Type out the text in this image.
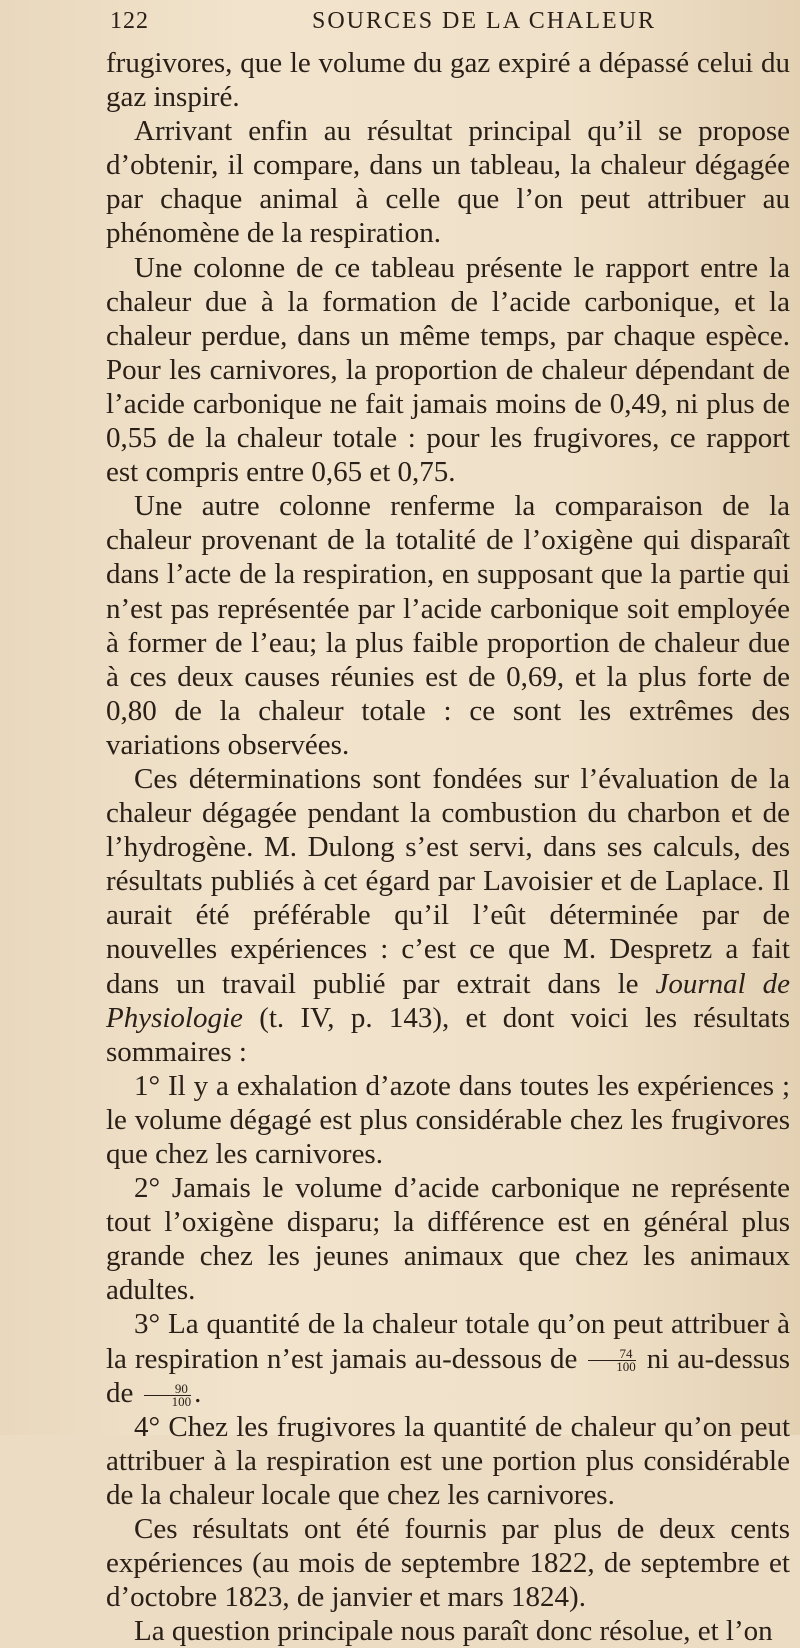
122	SOURCES DE LA CHALEUR

frugivores, que le volume du gaz expiré a dépassé celui du gaz inspiré.

Arrivant enfin au résultat principal qu’il se propose d’obtenir, il compare, dans un tableau, la chaleur dégagée par chaque animal à celle que l’on peut attribuer au phénomène de la respiration.

Une colonne de ce tableau présente le rapport entre la chaleur due à la formation de l’acide carbonique, et la chaleur perdue, dans un même temps, par chaque espèce. Pour les carnivores, la proportion de chaleur dépendant de l’acide carbonique ne fait jamais moins de 0,49, ni plus de 0,55 de la chaleur totale : pour les frugivores, ce rapport est compris entre 0,65 et 0,75.

Une autre colonne renferme la comparaison de la chaleur provenant de la totalité de l’oxigène qui disparaît dans l’acte de la respiration, en supposant que la partie qui n’est pas représentée par l’acide carbonique soit employée à former de l’eau; la plus faible proportion de chaleur due à ces deux causes réunies est de 0,69, et la plus forte de 0,80 de la chaleur totale : ce sont les extrêmes des variations observées.

Ces déterminations sont fondées sur l’évaluation de la chaleur dégagée pendant la combustion du charbon et de l’hydrogène. M. Dulong s’est servi, dans ses calculs, des résultats publiés à cet égard par Lavoisier et de Laplace. Il aurait été préférable qu’il l’eût déterminée par de nouvelles expériences : c’est ce que M. Despretz a fait dans un travail publié par extrait dans le Journal de Physiologie (t. IV, p. 143), et dont voici les résultats sommaires :

1° Il y a exhalation d’azote dans toutes les expériences ; le volume dégagé est plus considérable chez les frugivores que chez les carnivores.

2° Jamais le volume d’acide carbonique ne représente tout l’oxigène disparu; la différence est en général plus grande chez les jeunes animaux que chez les animaux adultes.

3° La quantité de la chaleur totale qu’on peut attribuer à la respiration n’est jamais au-dessous de $\frac{74}{100}$ ni au-dessus de $\frac{90}{100}$ .

4° Chez les frugivores la quantité de chaleur qu’on peut attribuer à la respiration est une portion plus considérable de la chaleur locale que chez les carnivores.

Ces résultats ont été fournis par plus de deux cents expériences (au mois de septembre 1822, de septembre et d’octobre 1823, de janvier et mars 1824).

La question principale nous paraît donc résolue, et l’on
